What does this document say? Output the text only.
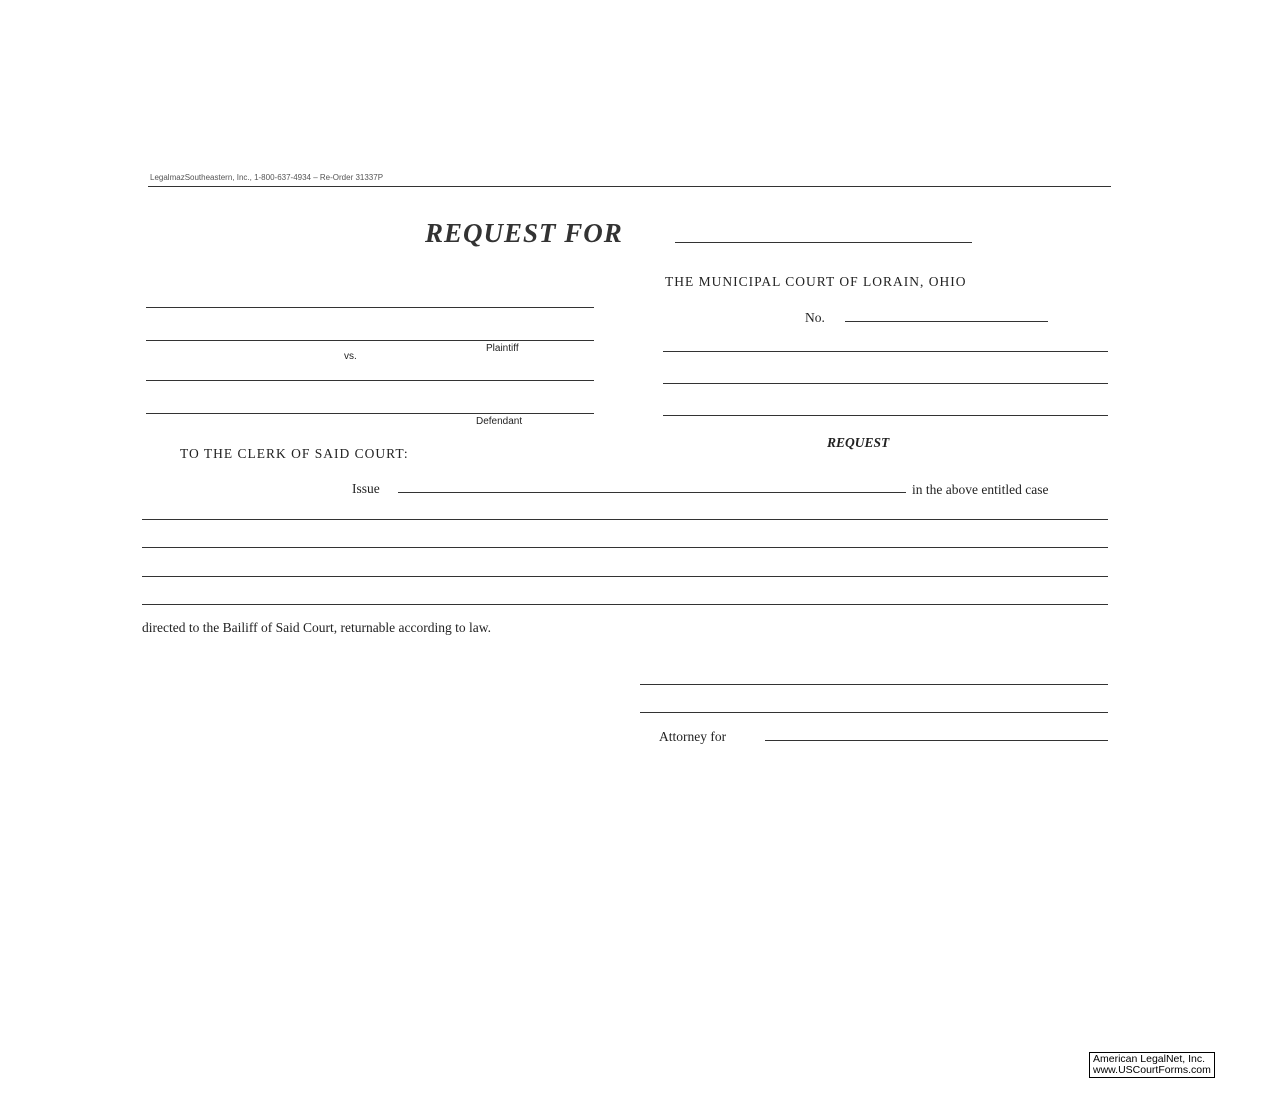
LegalmazSoutheastern, Inc., 1-800-637-4934 – Re-Order 31337P
REQUEST FOR
THE MUNICIPAL COURT OF LORAIN, OHIO
No.
Plaintiff
vs.
Defendant
REQUEST
TO THE CLERK OF SAID COURT:
Issue	in the above entitled case
directed to the Bailiff of Said Court, returnable according to law.
Attorney for
American LegalNet, Inc.
www.USCourtForms.com
